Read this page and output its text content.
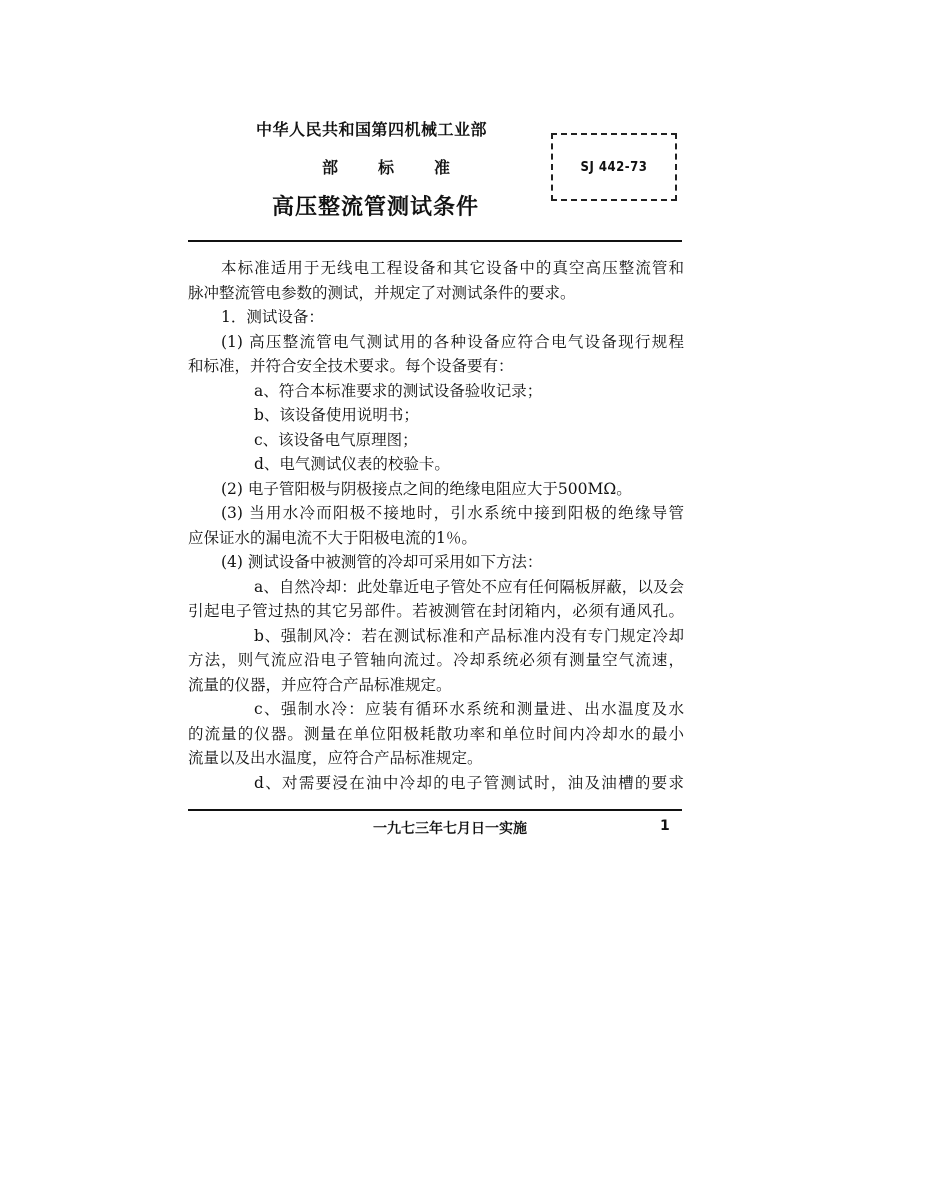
中华人民共和国第四机械工业部
部	标	准
高压整流管测试条件
SJ 442-73
本标准适用于无线电工程设备和其它设备中的真空高压整流管和
脉冲整流管电参数的测试，并规定了对测试条件的要求。
1．测试设备：
(1) 高压整流管电气测试用的各种设备应符合电气设备现行规程
和标准，并符合安全技术要求。每个设备要有：
a、符合本标准要求的测试设备验收记录；
b、该设备使用说明书；
c、该设备电气原理图；
d、电气测试仪表的校验卡。
(2) 电子管阳极与阴极接点之间的绝缘电阻应大于500MΩ。
(3) 当用水冷而阳极不接地时，引水系统中接到阳极的绝缘导管
应保证水的漏电流不大于阳极电流的1％。
(4) 测试设备中被测管的冷却可采用如下方法：
a、自然冷却：此处靠近电子管处不应有任何隔板屏蔽，以及会
引起电子管过热的其它另部件。若被测管在封闭箱内，必须有通风孔。
b、强制风冷：若在测试标准和产品标准内没有专门规定冷却
方法，则气流应沿电子管轴向流过。冷却系统必须有测量空气流速，
流量的仪器，并应符合产品标准规定。
c、强制水冷：应装有循环水系统和测量进、出水温度及水
的流量的仪器。测量在单位阳极耗散功率和单位时间内冷却水的最小
流量以及出水温度，应符合产品标准规定。
d、对需要浸在油中冷却的电子管测试时，油及油槽的要求
一九七三年七月日一实施	1
